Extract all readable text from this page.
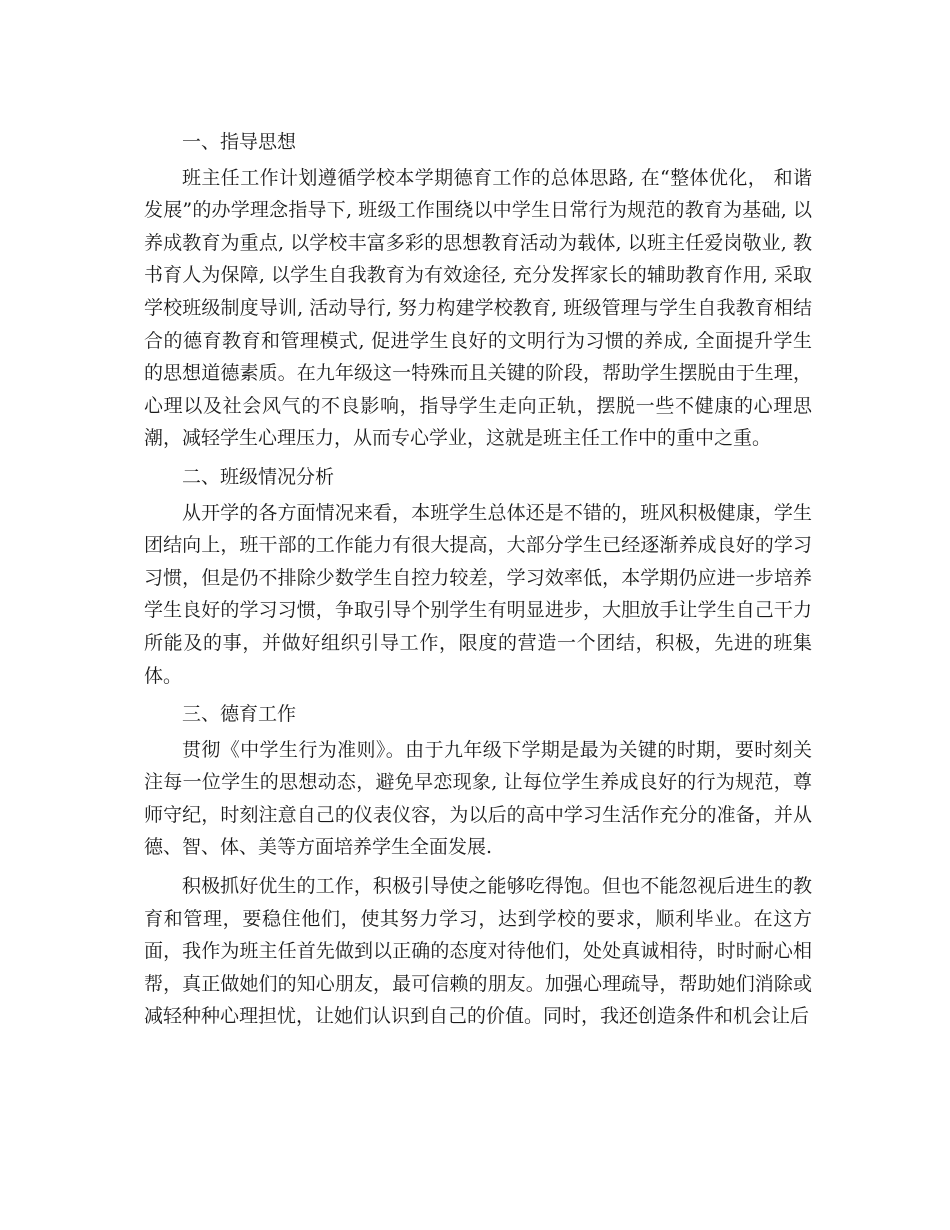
一、指导思想

班主任工作计划遵循学校本学期德育工作的总体思路, 在“整体优化， 和谐发展”的办学理念指导下, 班级工作围绕以中学生日常行为规范的教育为基础, 以养成教育为重点, 以学校丰富多彩的思想教育活动为载体, 以班主任爱岗敬业, 教书育人为保障, 以学生自我教育为有效途径, 充分发挥家长的辅助教育作用, 采取学校班级制度导训, 活动导行, 努力构建学校教育, 班级管理与学生自我教育相结合的德育教育和管理模式, 促进学生良好的文明行为习惯的养成, 全面提升学生的思想道德素质。在九年级这一特殊而且关键的阶段，帮助学生摆脱由于生理，心理以及社会风气的不良影响，指导学生走向正轨，摆脱一些不健康的心理思潮，减轻学生心理压力，从而专心学业，这就是班主任工作中的重中之重。

二、班级情况分析

从开学的各方面情况来看，本班学生总体还是不错的，班风积极健康，学生团结向上，班干部的工作能力有很大提高，大部分学生已经逐渐养成良好的学习习惯，但是仍不排除少数学生自控力较差，学习效率低，本学期仍应进一步培养学生良好的学习习惯，争取引导个别学生有明显进步，大胆放手让学生自己干力所能及的事，并做好组织引导工作，限度的营造一个团结，积极，先进的班集体。

三、德育工作

贯彻《中学生行为准则》。由于九年级下学期是最为关键的时期，要时刻关注每一位学生的思想动态，避免早恋现象, 让每位学生养成良好的行为规范，尊师守纪，时刻注意自己的仪表仪容，为以后的高中学习生活作充分的准备，并从德、智、体、美等方面培养学生全面发展.

积极抓好优生的工作，积极引导使之能够吃得饱。但也不能忽视后进生的教育和管理，要稳住他们，使其努力学习，达到学校的要求，顺利毕业。在这方面，我作为班主任首先做到以正确的态度对待他们，处处真诚相待，时时耐心相帮，真正做她们的知心朋友，最可信赖的朋友。加强心理疏导，帮助她们消除或减轻种种心理担忧，让她们认识到自己的价值。同时，我还创造条件和机会让后
